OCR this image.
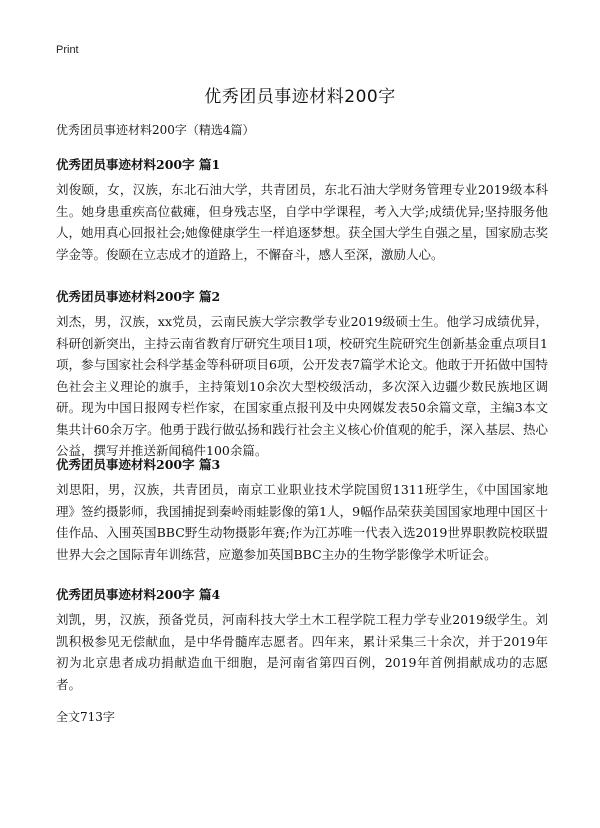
Print
优秀团员事迹材料200字
优秀团员事迹材料200字（精选4篇）
优秀团员事迹材料200字 篇1
刘俊颐，女，汉族，东北石油大学，共青团员，东北石油大学财务管理专业2019级本科生。她身患重疾高位截瘫，但身残志坚，自学中学课程，考入大学;成绩优异;坚持服务他人，她用真心回报社会;她像健康学生一样追逐梦想。获全国大学生自强之星，国家励志奖学金等。俊颐在立志成才的道路上，不懈奋斗，感人至深，激励人心。
优秀团员事迹材料200字 篇2
刘杰，男，汉族，xx党员，云南民族大学宗教学专业2019级硕士生。他学习成绩优异，科研创新突出，主持云南省教育厅研究生项目1项，校研究生院研究生创新基金重点项目1项，参与国家社会科学基金等科研项目6项，公开发表7篇学术论文。他敢于开拓做中国特色社会主义理论的旗手，主持策划10余次大型校级活动，多次深入边疆少数民族地区调研。现为中国日报网专栏作家，在国家重点报刊及中央网媒发表50余篇文章，主编3本文集共计60余万字。他勇于践行做弘扬和践行社会主义核心价值观的舵手，深入基层、热心公益，撰写并推送新闻稿件100余篇。
优秀团员事迹材料200字 篇3
刘思阳，男，汉族，共青团员，南京工业职业技术学院国贸1311班学生，《中国国家地理》签约摄影师，我国捕捉到秦岭雨蛙影像的第1人，9幅作品荣获美国国家地理中国区十佳作品、入围英国BBC野生动物摄影年赛;作为江苏唯一代表入选2019世界职教院校联盟世界大会之国际青年训练营，应邀参加英国BBC主办的生物学影像学术听证会。
优秀团员事迹材料200字 篇4
刘凯，男，汉族，预备党员，河南科技大学土木工程学院工程力学专业2019级学生。刘凯积极参见无偿献血，是中华骨髓库志愿者。四年来，累计采集三十余次，并于2019年初为北京患者成功捐献造血干细胞，是河南省第四百例，2019年首例捐献成功的志愿者。
全文713字
